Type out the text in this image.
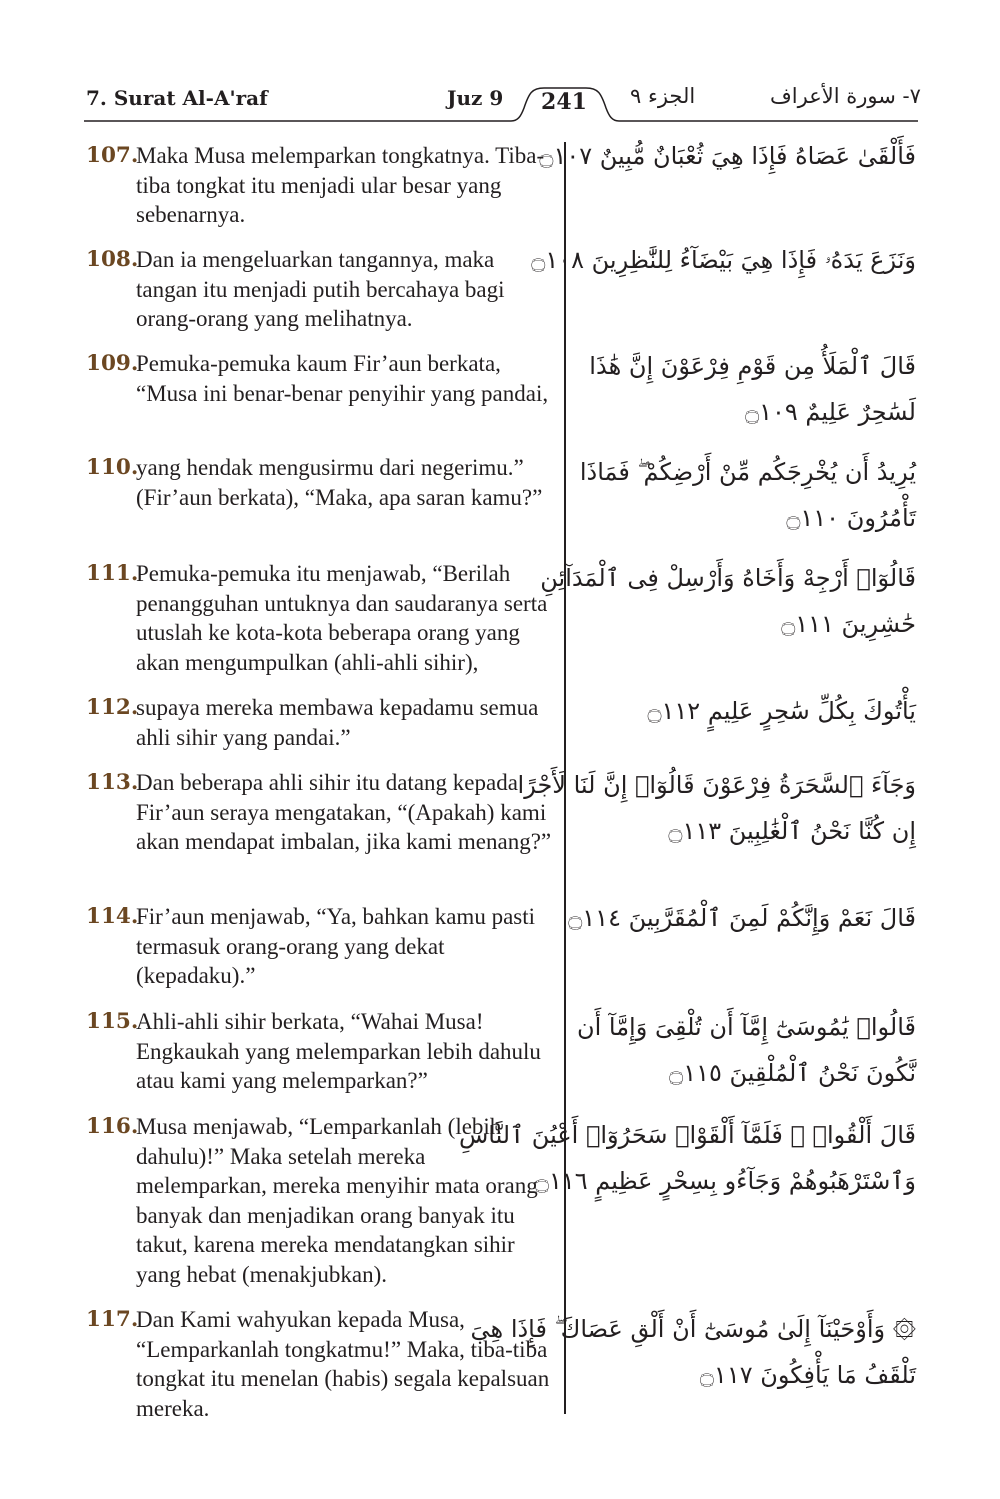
7. Surat Al-A'raf	Juz 9	241	الجزء ٩	٧- سورة الأعراف
107.
Maka Musa melemparkan tongkatnya. Tiba-tiba tongkat itu menjadi ular besar yang sebenarnya.
فَأَلْقَىٰ عَصَاهُ فَإِذَا هِيَ ثُعْبَانٌ مُّبِينٌ ۝١٠٧
108.
Dan ia mengeluarkan tangannya, maka tangan itu menjadi putih bercahaya bagi orang-orang yang melihatnya.
وَنَزَعَ يَدَهُۥ فَإِذَا هِيَ بَيْضَآءُ لِلنَّٰظِرِينَ ۝١٠٨
109.
Pemuka-pemuka kaum Fir’aun berkata, “Musa ini benar-benar penyihir yang pandai,
قَالَ ٱلْمَلَأُ مِن قَوْمِ فِرْعَوْنَ إِنَّ هَٰذَا
لَسَٰحِرٌ عَلِيمٌ ۝١٠٩
110.
yang hendak mengusirmu dari negerimu.” (Fir’aun berkata), “Maka, apa saran kamu?”
يُرِيدُ أَن يُخْرِجَكُم مِّنْ أَرْضِكُمْ ۖ فَمَاذَا
تَأْمُرُونَ ۝١١٠
111.
Pemuka-pemuka itu menjawab, “Berilah penangguhan untuknya dan saudaranya serta utuslah ke kota-kota beberapa orang yang akan mengumpulkan (ahli-ahli sihir),
قَالُوٓا۟ أَرْجِهْ وَأَخَاهُ وَأَرْسِلْ فِى ٱلْمَدَآئِنِ
حَٰشِرِينَ ۝١١١
112.
supaya mereka membawa kepadamu semua ahli sihir yang pandai.”
يَأْتُوكَ بِكُلِّ سَٰحِرٍ عَلِيمٍ ۝١١٢
113.
Dan beberapa ahli sihir itu datang kepada Fir’aun seraya mengatakan, “(Apakah) kami akan mendapat imbalan, jika kami menang?”
وَجَآءَ ٱلسَّحَرَةُ فِرْعَوْنَ قَالُوٓا۟ إِنَّ لَنَا لَأَجْرًا
إِن كُنَّا نَحْنُ ٱلْغَٰلِبِينَ ۝١١٣
114.
Fir’aun menjawab, “Ya, bahkan kamu pasti termasuk orang-orang yang dekat (kepadaku).”
قَالَ نَعَمْ وَإِنَّكُمْ لَمِنَ ٱلْمُقَرَّبِينَ ۝١١٤
115.
Ahli-ahli sihir berkata, “Wahai Musa! Engkaukah yang melemparkan lebih dahulu atau kami yang melemparkan?”
قَالُوا۟ يَٰمُوسَىٰٓ إِمَّآ أَن تُلْقِىَ وَإِمَّآ أَن
نَّكُونَ نَحْنُ ٱلْمُلْقِينَ ۝١١٥
116.
Musa menjawab, “Lemparkanlah (lebih dahulu)!” Maka setelah mereka melemparkan, mereka menyihir mata orang banyak dan menjadikan orang banyak itu takut, karena mereka mendatangkan sihir yang hebat (menakjubkan).
قَالَ أَلْقُوا۟ ۖ فَلَمَّآ أَلْقَوْا۟ سَحَرُوٓا۟ أَعْيُنَ ٱلنَّاسِ
وَٱسْتَرْهَبُوهُمْ وَجَآءُو بِسِحْرٍ عَظِيمٍ ۝١١٦
117.
Dan Kami wahyukan kepada Musa, “Lemparkanlah tongkatmu!” Maka, tiba-tiba tongkat itu menelan (habis) segala kepalsuan mereka.
۞ وَأَوْحَيْنَآ إِلَىٰ مُوسَىٰٓ أَنْ أَلْقِ عَصَاكَ ۖ فَإِذَا هِىَ
تَلْقَفُ مَا يَأْفِكُونَ ۝١١٧
